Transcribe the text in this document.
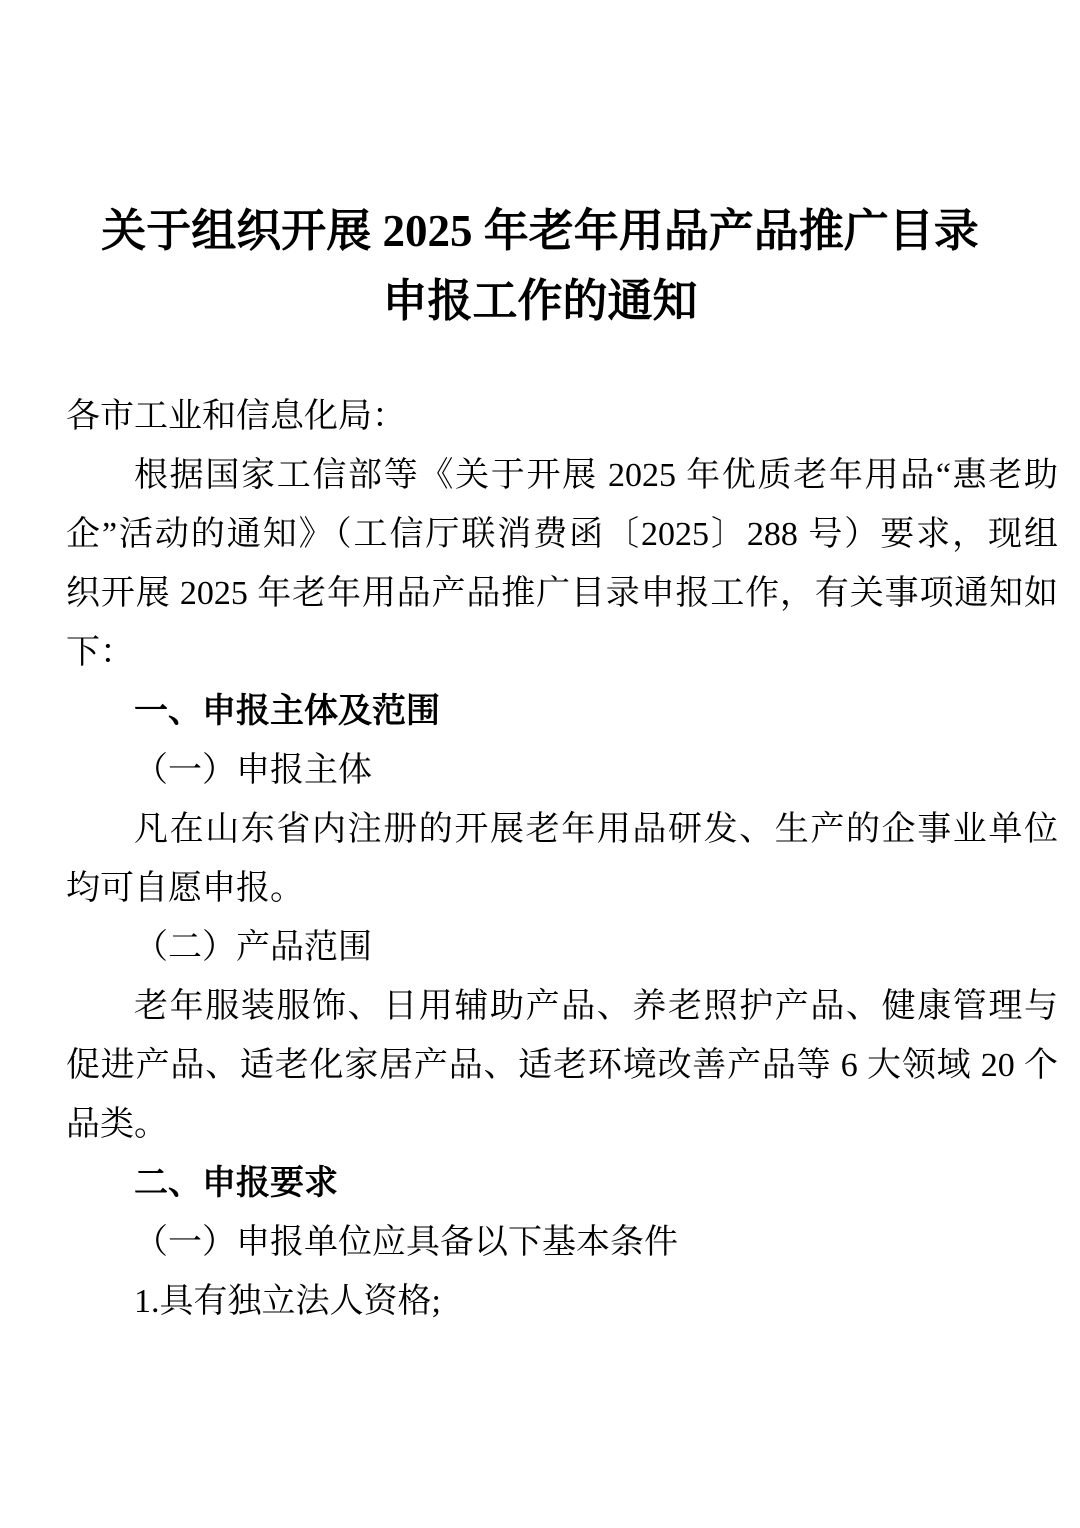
关于组织开展 2025 年老年用品产品推广目录
申报工作的通知

各市工业和信息化局：

根据国家工信部等《关于开展 2025 年优质老年用品“惠老助

企”活动的通知》（工信厅联消费函〔2025〕288 号）要求，现组

织开展 2025 年老年用品产品推广目录申报工作，有关事项通知如

下：

一、申报主体及范围

（一）申报主体

凡在山东省内注册的开展老年用品研发、生产的企事业单位

均可自愿申报。

（二）产品范围

老年服装服饰、日用辅助产品、养老照护产品、健康管理与

促进产品、适老化家居产品、适老环境改善产品等 6 大领域 20 个

品类。

二、申报要求

（一）申报单位应具备以下基本条件

1.具有独立法人资格;
